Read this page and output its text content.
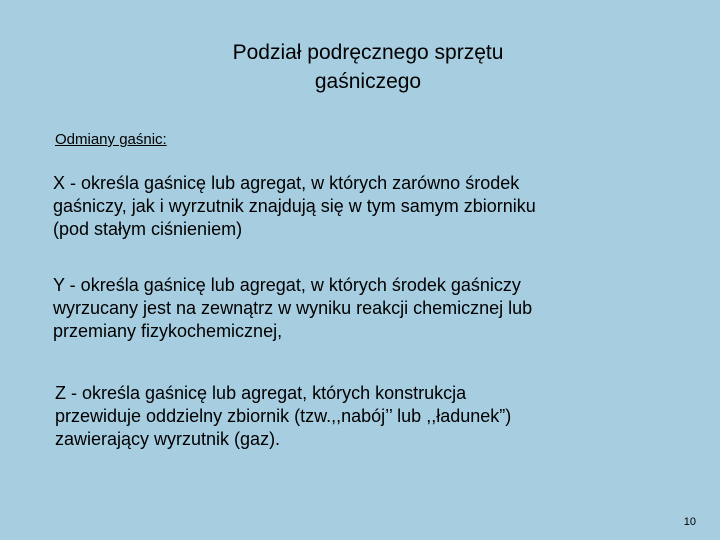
Podział podręcznego sprzętu
gaśniczego
Odmiany gaśnic:
X - określa gaśnicę lub agregat, w których zarówno środek
gaśniczy, jak i wyrzutnik znajdują się w tym samym zbiorniku
(pod stałym ciśnieniem)
Y - określa gaśnicę lub agregat, w których środek gaśniczy
wyrzucany jest na zewnątrz w wyniku reakcji chemicznej lub
przemiany fizykochemicznej,
Z - określa gaśnicę lub agregat, których konstrukcja
przewiduje oddzielny zbiornik (tzw.,,nabój’’ lub ,,ładunek”)
zawierający wyrzutnik (gaz).
10
